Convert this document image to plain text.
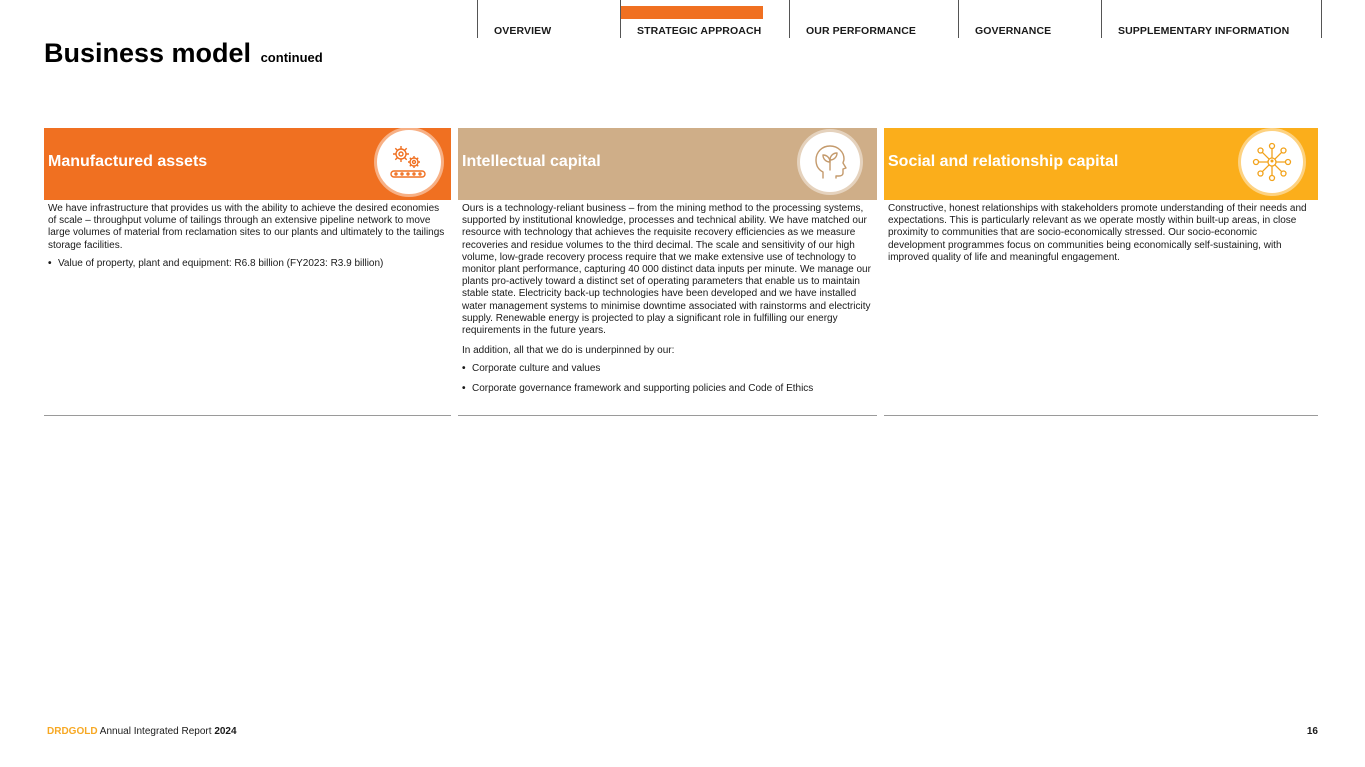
OVERVIEW	STRATEGIC APPROACH	OUR PERFORMANCE	GOVERNANCE	SUPPLEMENTARY INFORMATION
Business model continued
Manufactured assets

We have infrastructure that provides us with the ability to achieve the desired economies of scale – throughput volume of tailings through an extensive pipeline network to move large volumes of material from reclamation sites to our plants and ultimately to the tailings storage facilities.

• Value of property, plant and equipment: R6.8 billion (FY2023: R3.9 billion)
Intellectual capital

Ours is a technology-reliant business – from the mining method to the processing systems, supported by institutional knowledge, processes and technical ability. We have matched our resource with technology that achieves the requisite recovery efficiencies as we measure recoveries and residue volumes to the third decimal. The scale and sensitivity of our high volume, low-grade recovery process require that we make extensive use of technology to monitor plant performance, capturing 40 000 distinct data inputs per minute. We manage our plants pro-actively toward a distinct set of operating parameters that enable us to maintain stable state. Electricity back-up technologies have been developed and we have installed water management systems to minimise downtime associated with rainstorms and electricity supply. Renewable energy is projected to play a significant role in fulfilling our energy requirements in the future years.

In addition, all that we do is underpinned by our:

• Corporate culture and values
• Corporate governance framework and supporting policies and Code of Ethics
Social and relationship capital

Constructive, honest relationships with stakeholders promote understanding of their needs and expectations. This is particularly relevant as we operate mostly within built-up areas, in close proximity to communities that are socio-economically stressed. Our socio-economic development programmes focus on communities being economically self-sustaining, with improved quality of life and meaningful engagement.

DRDGOLD Annual Integrated Report 2024	16
